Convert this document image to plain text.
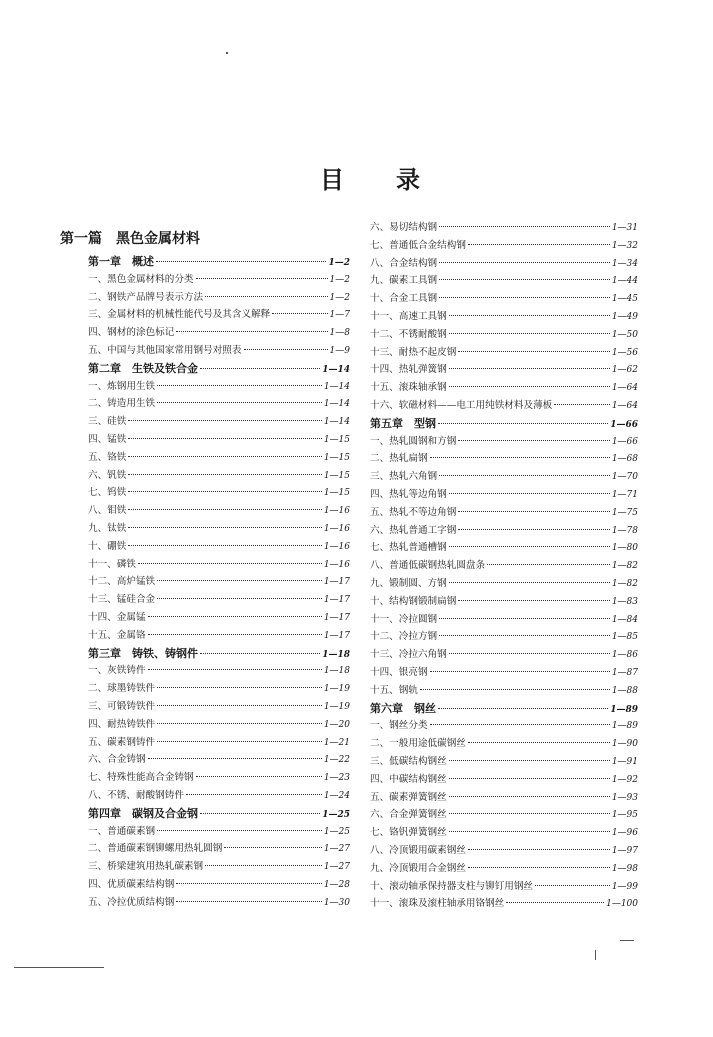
目 录
第一篇　黑色金属材料
第一章　概述	1—2
一、黑色金属材料的分类	1—2
二、钢铁产品牌号表示方法	1—2
三、金属材料的机械性能代号及其含义解释	1—7
四、钢材的涂色标记	1—8
五、中国与其他国家常用钢号对照表	1—9
第二章　生铁及铁合金	1—14
一、炼钢用生铁	1—14
二、铸造用生铁	1—14
三、硅铁	1—14
四、锰铁	1—15
五、铬铁	1—15
六、钒铁	1—15
七、钨铁	1—15
八、钼铁	1—16
九、钛铁	1—16
十、硼铁	1—16
十一、磷铁	1—16
十二、高炉锰铁	1—17
十三、锰硅合金	1—17
十四、金属锰	1—17
十五、金属铬	1—17
第三章　铸铁、铸钢件	1—18
一、灰铁铸件	1—18
二、球墨铸铁件	1—19
三、可锻铸铁件	1—19
四、耐热铸铁件	1—20
五、碳素钢铸件	1—21
六、合金铸钢	1—22
七、特殊性能高合金铸钢	1—23
八、不锈、耐酸钢铸件	1—24
第四章　碳钢及合金钢	1—25
一、普通碳素钢	1—25
二、普通碳素钢铆螺用热轧圆钢	1—27
三、桥梁建筑用热轧碳素钢	1—27
四、优质碳素结构钢	1—28
五、冷拉优质结构钢	1—30
六、易切结构钢	1—31
七、普通低合金结构钢	1—32
八、合金结构钢	1—34
九、碳素工具钢	1—44
十、合金工具钢	1—45
十一、高速工具钢	1—49
十二、不锈耐酸钢	1—50
十三、耐热不起皮钢	1—56
十四、热轧弹簧钢	1—62
十五、滚珠轴承钢	1—64
十六、软磁材料——电工用纯铁材料及薄板	1—64
第五章　型钢	1—66
一、热轧圆钢和方钢	1—66
二、热轧扁钢	1—68
三、热轧六角钢	1—70
四、热轧等边角钢	1—71
五、热轧不等边角钢	1—75
六、热轧普通工字钢	1—78
七、热轧普通槽钢	1—80
八、普通低碳钢热轧圆盘条	1—82
九、锻制圆、方钢	1—82
十、结构钢锻制扁钢	1—83
十一、冷拉圆钢	1—84
十二、冷拉方钢	1—85
十三、冷拉六角钢	1—86
十四、银亮钢	1—87
十五、钢轨	1—88
第六章　钢丝	1—89
一、钢丝分类	1—89
二、一般用途低碳钢丝	1—90
三、低碳结构钢丝	1—91
四、中碳结构钢丝	1—92
五、碳素弹簧钢丝	1—93
六、合金弹簧钢丝	1—95
七、铬钒弹簧钢丝	1—96
八、冷顶锻用碳素钢丝	1—97
九、冷顶锻用合金钢丝	1—98
十、滚动轴承保持器支柱与铆钉用钢丝	1—99
十一、滚珠及滚柱轴承用铬钢丝	1—100
